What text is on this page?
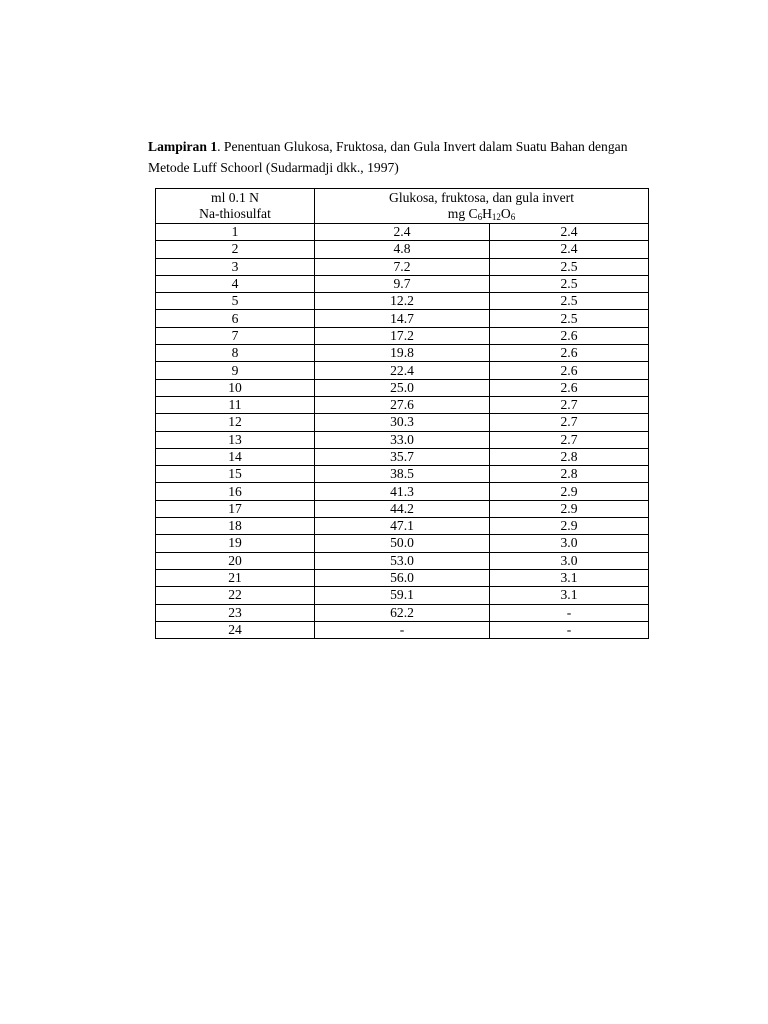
Lampiran 1. Penentuan Glukosa, Fruktosa, dan Gula Invert dalam Suatu Bahan dengan Metode Luff Schoorl (Sudarmadji dkk., 1997)
ml 0.1 N
Na-thiosulfat	Glukosa, fruktosa, dan gula invert
mg $C_6H_{12}O_6$
1	2.4	2.4
2	4.8	2.4
3	7.2	2.5
4	9.7	2.5
5	12.2	2.5
6	14.7	2.5
7	17.2	2.6
8	19.8	2.6
9	22.4	2.6
10	25.0	2.6
11	27.6	2.7
12	30.3	2.7
13	33.0	2.7
14	35.7	2.8
15	38.5	2.8
16	41.3	2.9
17	44.2	2.9
18	47.1	2.9
19	50.0	3.0
20	53.0	3.0
21	56.0	3.1
22	59.1	3.1
23	62.2	-
24	-	-
